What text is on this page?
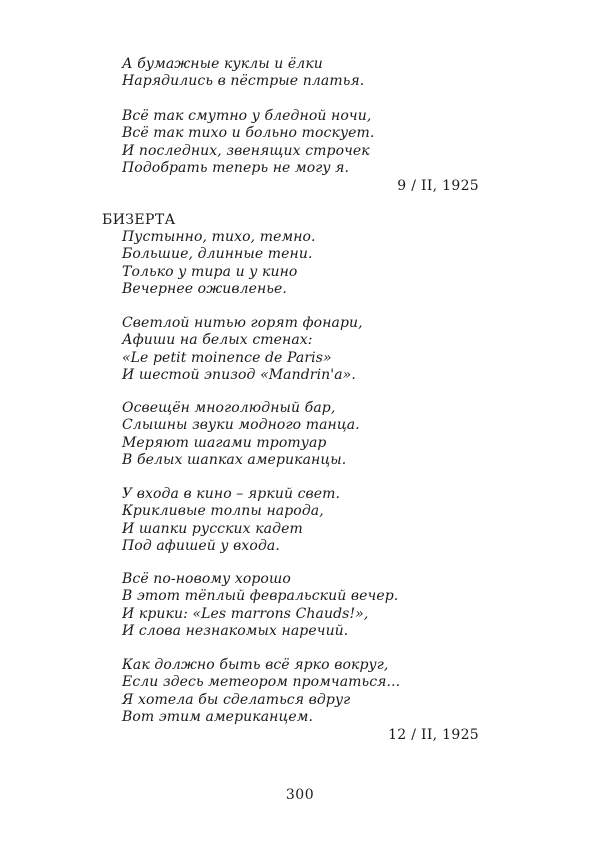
А бумажные куклы и ёлки
Нарядились в пёстрые платья.
Всё так смутно у бледной ночи,
Всё так тихо и больно тоскует.
И последних, звенящих строчек
Подобрать теперь не могу я.
9 / II, 1925
БИЗЕРТА
Пустынно, тихо, темно.
Большие, длинные тени.
Только у тира и у кино
Вечернее оживленье.
Светлой нитью горят фонари,
Афиши на белых стенах:
«Le petit moinence de Paris»
И шестой эпизод «Mandrin'a».
Освещён многолюдный бар,
Слышны звуки модного танца.
Меряют шагами тротуар
В белых шапках американцы.
У входа в кино – яркий свет.
Крикливые толпы народа,
И шапки русских кадет
Под афишей у входа.
Всё по-новому хорошо
В этот тёплый февральский вечер.
И крики: «Les marrons Chauds!»,
И слова незнакомых наречий.
Как должно быть всё ярко вокруг,
Если здесь метеором промчаться...
Я хотела бы сделаться вдруг
Вот этим американцем.
12 / II, 1925
300
